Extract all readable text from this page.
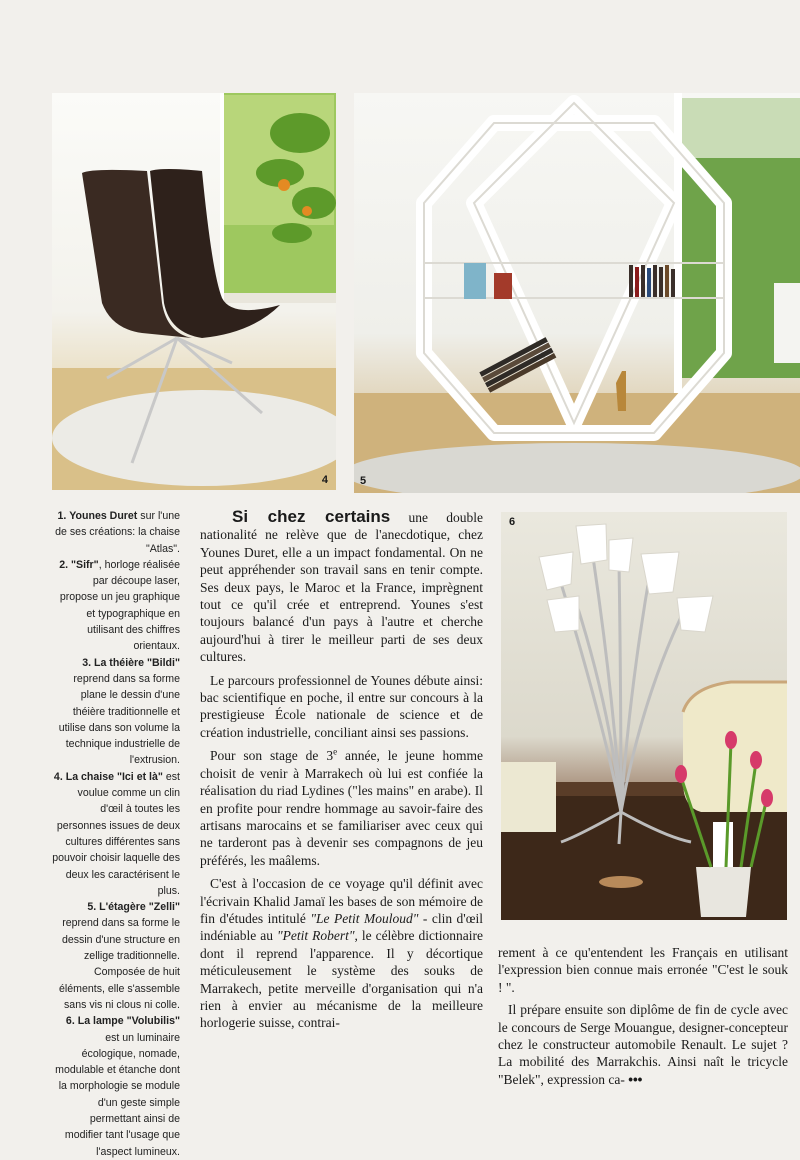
4	5
6

1. Younes Duret sur l'une de ses créations: la chaise "Atlas".

2. "Sifr", horloge réalisée par découpe laser, propose un jeu graphique et typographique en utilisant des chiffres orientaux.

3. La théière "Bildi" reprend dans sa forme plane le dessin d'une théière traditionnelle et utilise dans son volume la technique industrielle de l'extrusion.

4. La chaise "Ici et là" est voulue comme un clin d'œil à toutes les personnes issues de deux cultures différentes sans pouvoir choisir laquelle des deux les caractérisent le plus.

5. L'étagère "Zelli" reprend dans sa forme le dessin d'une structure en zellige traditionnelle. Composée de huit éléments, elle s'assemble sans vis ni clous ni colle.

6. La lampe "Volubilis" est un luminaire écologique, nomade, modulable et étanche dont la morphologie se module d'un geste simple permettant ainsi de modifier tant l'usage que l'aspect lumineux.

Si chez certains une double nationalité ne relève que de l'anecdotique, chez Younes Duret, elle a un impact fondamental. On ne peut appréhender son travail sans en tenir compte. Ses deux pays, le Maroc et la France, imprègnent tout ce qu'il crée et entreprend. Younes s'est toujours balancé d'un pays à l'autre et cherche aujourd'hui à tirer le meilleur parti de ses deux cultures.

Le parcours professionnel de Younes débute ainsi: bac scientifique en poche, il entre sur concours à la prestigieuse École nationale de science et de création industrielle, conciliant ainsi ses passions.

Pour son stage de 3e année, le jeune homme choisit de venir à Marrakech où lui est confiée la réalisation du riad Lydines ("les mains" en arabe). Il en profite pour rendre hommage au savoir-faire des artisans marocains et se familiariser avec ceux qui ne tarderont pas à devenir ses compagnons de jeu préférés, les maâlems.

C'est à l'occasion de ce voyage qu'il définit avec l'écrivain Khalid Jamaï les bases de son mémoire de fin d'études intitulé "Le Petit Mouloud" - clin d'œil indéniable au "Petit Robert", le célèbre dictionnaire dont il reprend l'apparence. Il y décortique méticuleusement le système des souks de Marrakech, petite merveille d'organisation qui n'a rien à envier au mécanisme de la meilleure horlogerie suisse, contrai-

rement à ce qu'entendent les Français en utilisant l'expression bien connue mais erronée "C'est le souk ! ".

Il prépare ensuite son diplôme de fin de cycle avec le concours de Serge Mouangue, designer-concepteur chez le constructeur automobile Renault. Le sujet ? La mobilité des Marrakchis. Ainsi naît le tricycle "Belek", expression ca- •••
